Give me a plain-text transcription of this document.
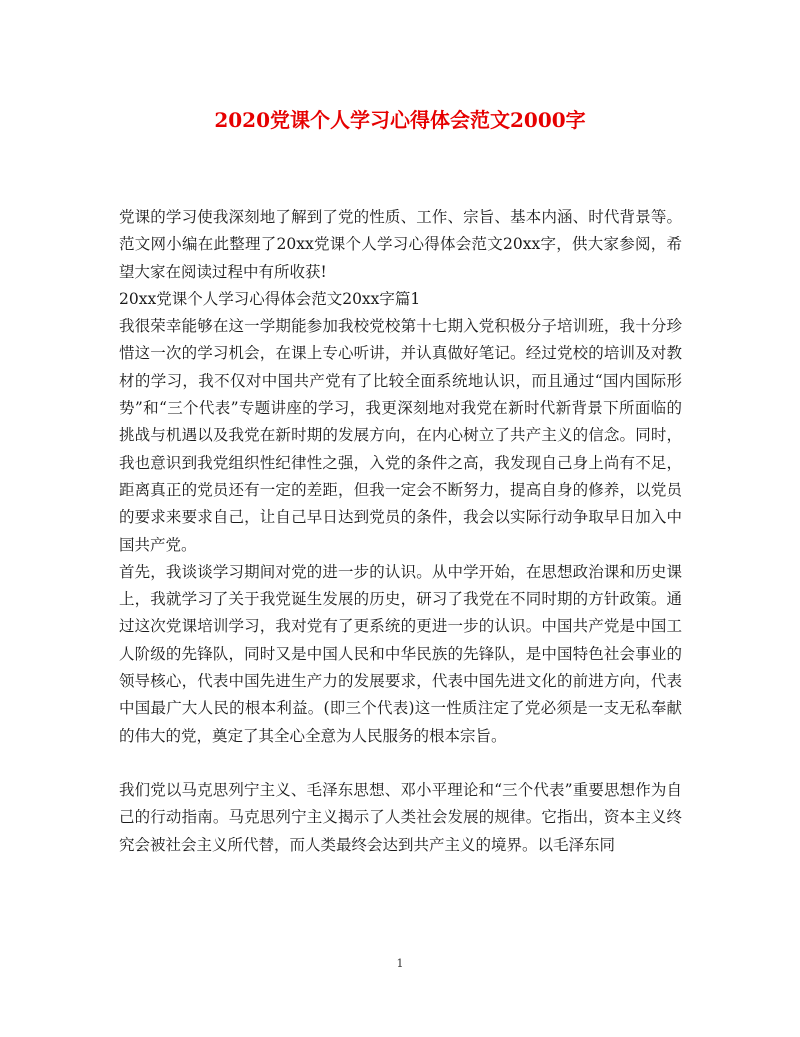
2020党课个人学习心得体会范文2000字

党课的学习使我深刻地了解到了党的性质、工作、宗旨、基本内涵、时代背景等。范文网小编在此整理了20xx党课个人学习心得体会范文20xx字，供大家参阅，希望大家在阅读过程中有所收获!

20xx党课个人学习心得体会范文20xx字篇1

我很荣幸能够在这一学期能参加我校党校第十七期入党积极分子培训班，我十分珍惜这一次的学习机会，在课上专心听讲，并认真做好笔记。经过党校的培训及对教材的学习，我不仅对中国共产党有了比较全面系统地认识，而且通过“国内国际形势”和“三个代表”专题讲座的学习，我更深刻地对我党在新时代新背景下所面临的挑战与机遇以及我党在新时期的发展方向，在内心树立了共产主义的信念。同时，我也意识到我党组织性纪律性之强，入党的条件之高，我发现自己身上尚有不足，距离真正的党员还有一定的差距，但我一定会不断努力，提高自身的修养，以党员的要求来要求自己，让自己早日达到党员的条件，我会以实际行动争取早日加入中国共产党。

首先，我谈谈学习期间对党的进一步的认识。从中学开始，在思想政治课和历史课上，我就学习了关于我党诞生发展的历史，研习了我党在不同时期的方针政策。通过这次党课培训学习，我对党有了更系统的更进一步的认识。中国共产党是中国工人阶级的先锋队，同时又是中国人民和中华民族的先锋队，是中国特色社会事业的领导核心，代表中国先进生产力的发展要求，代表中国先进文化的前进方向，代表中国最广大人民的根本利益。(即三个代表)这一性质注定了党必须是一支无私奉献的伟大的党，奠定了其全心全意为人民服务的根本宗旨。

我们党以马克思列宁主义、毛泽东思想、邓小平理论和“三个代表”重要思想作为自己的行动指南。马克思列宁主义揭示了人类社会发展的规律。它指出，资本主义终究会被社会主义所代替，而人类最终会达到共产主义的境界。以毛泽东同

1
